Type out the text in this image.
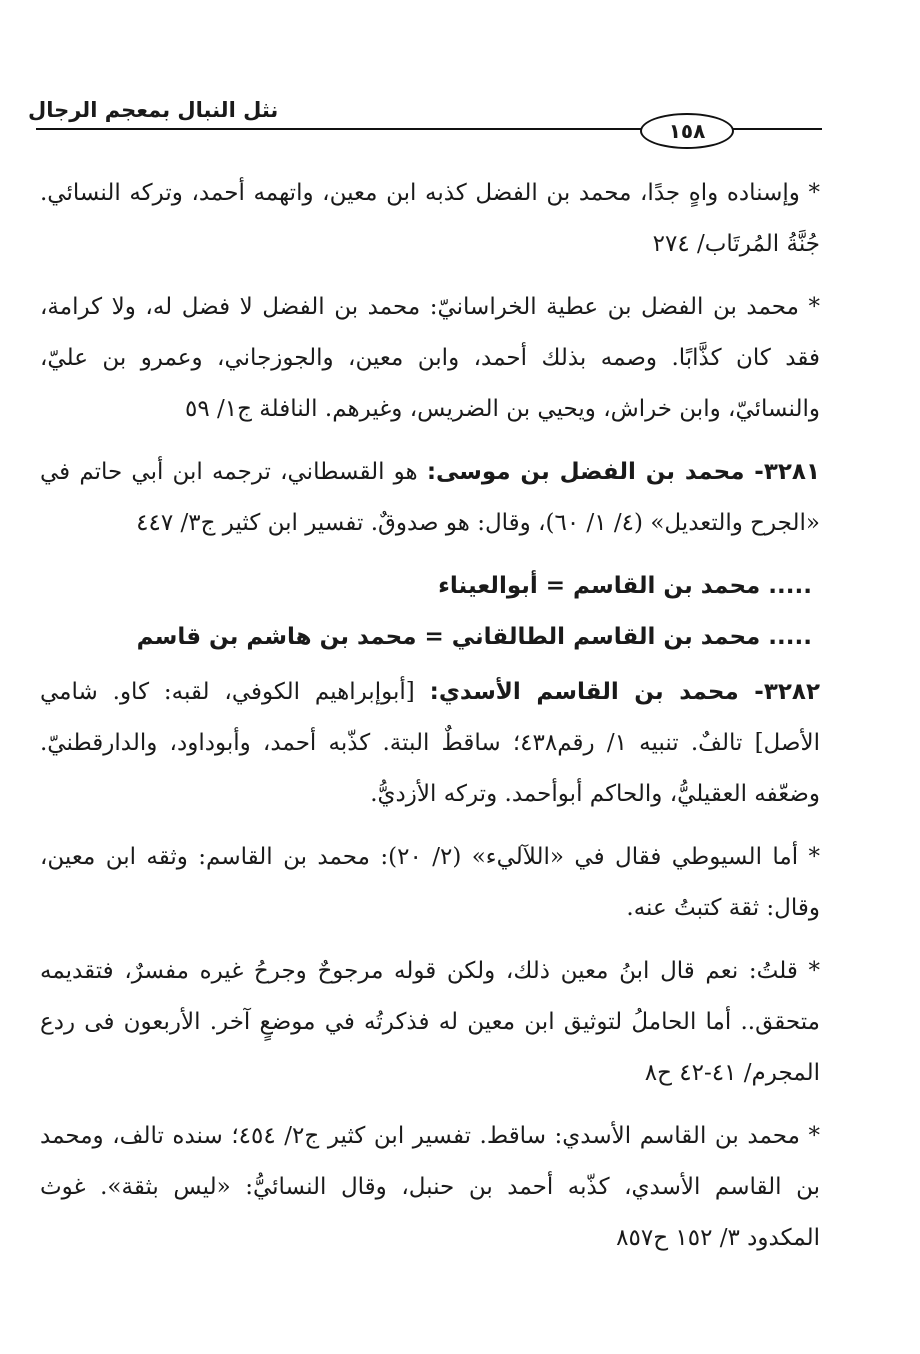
نثل النبال بمعجم الرجال
١٥٨

* وإسناده واهٍ جدًا، محمد بن الفضل كذبه ابن معين، واتهمه أحمد، وتركه النسائي. جُنَّةُ المُرتَاب/ ٢٧٤

* محمد بن الفضل بن عطية الخراسانيّ: محمد بن الفضل لا فضل له، ولا كرامة، فقد كان كذَّابًا. وصمه بذلك أحمد، وابن معين، والجوزجاني، وعمرو بن عليّ، والنسائيّ، وابن خراش، ويحيي بن الضريس، وغيرهم. النافلة ج١/ ٥٩

٣٢٨١- محمد بن الفضل بن موسى: هو القسطاني، ترجمه ابن أبي حاتم في «الجرح والتعديل» (٤/ ١/ ٦٠)، وقال: هو صدوقٌ. تفسير ابن كثير ج٣/ ٤٤٧

..... محمد بن القاسم = أبوالعيناء

..... محمد بن القاسم الطالقاني = محمد بن هاشم بن قاسم

٣٢٨٢- محمد بن القاسم الأسدي: [أبوإبراهيم الكوفي، لقبه: كاو. شامي الأصل] تالفٌ. تنبيه ١/ رقم٤٣٨؛ ساقطٌ البتة. كذّبه أحمد، وأبوداود، والدارقطنيّ. وضعّفه العقيليُّ، والحاكم أبوأحمد. وتركه الأزديُّ.

* أما السيوطي فقال في «اللآليء» (٢/ ٢٠): محمد بن القاسم: وثقه ابن معين، وقال: ثقة كتبتُ عنه.

* قلتُ: نعم قال ابنُ معين ذلك، ولكن قوله مرجوحٌ وجرحُ غيره مفسرٌ، فتقديمه متحقق.. أما الحاملُ لتوثيق ابن معين له فذكرتُه في موضعٍ آخر. الأربعون فى ردع المجرم/ ٤١-٤٢ ح٨

* محمد بن القاسم الأسدي: ساقط. تفسير ابن كثير ج٢/ ٤٥٤؛ سنده تالف، ومحمد بن القاسم الأسدي، كذّبه أحمد بن حنبل، وقال النسائيُّ: «ليس بثقة». غوث المكدود ٣/ ١٥٢ ح٨٥٧
